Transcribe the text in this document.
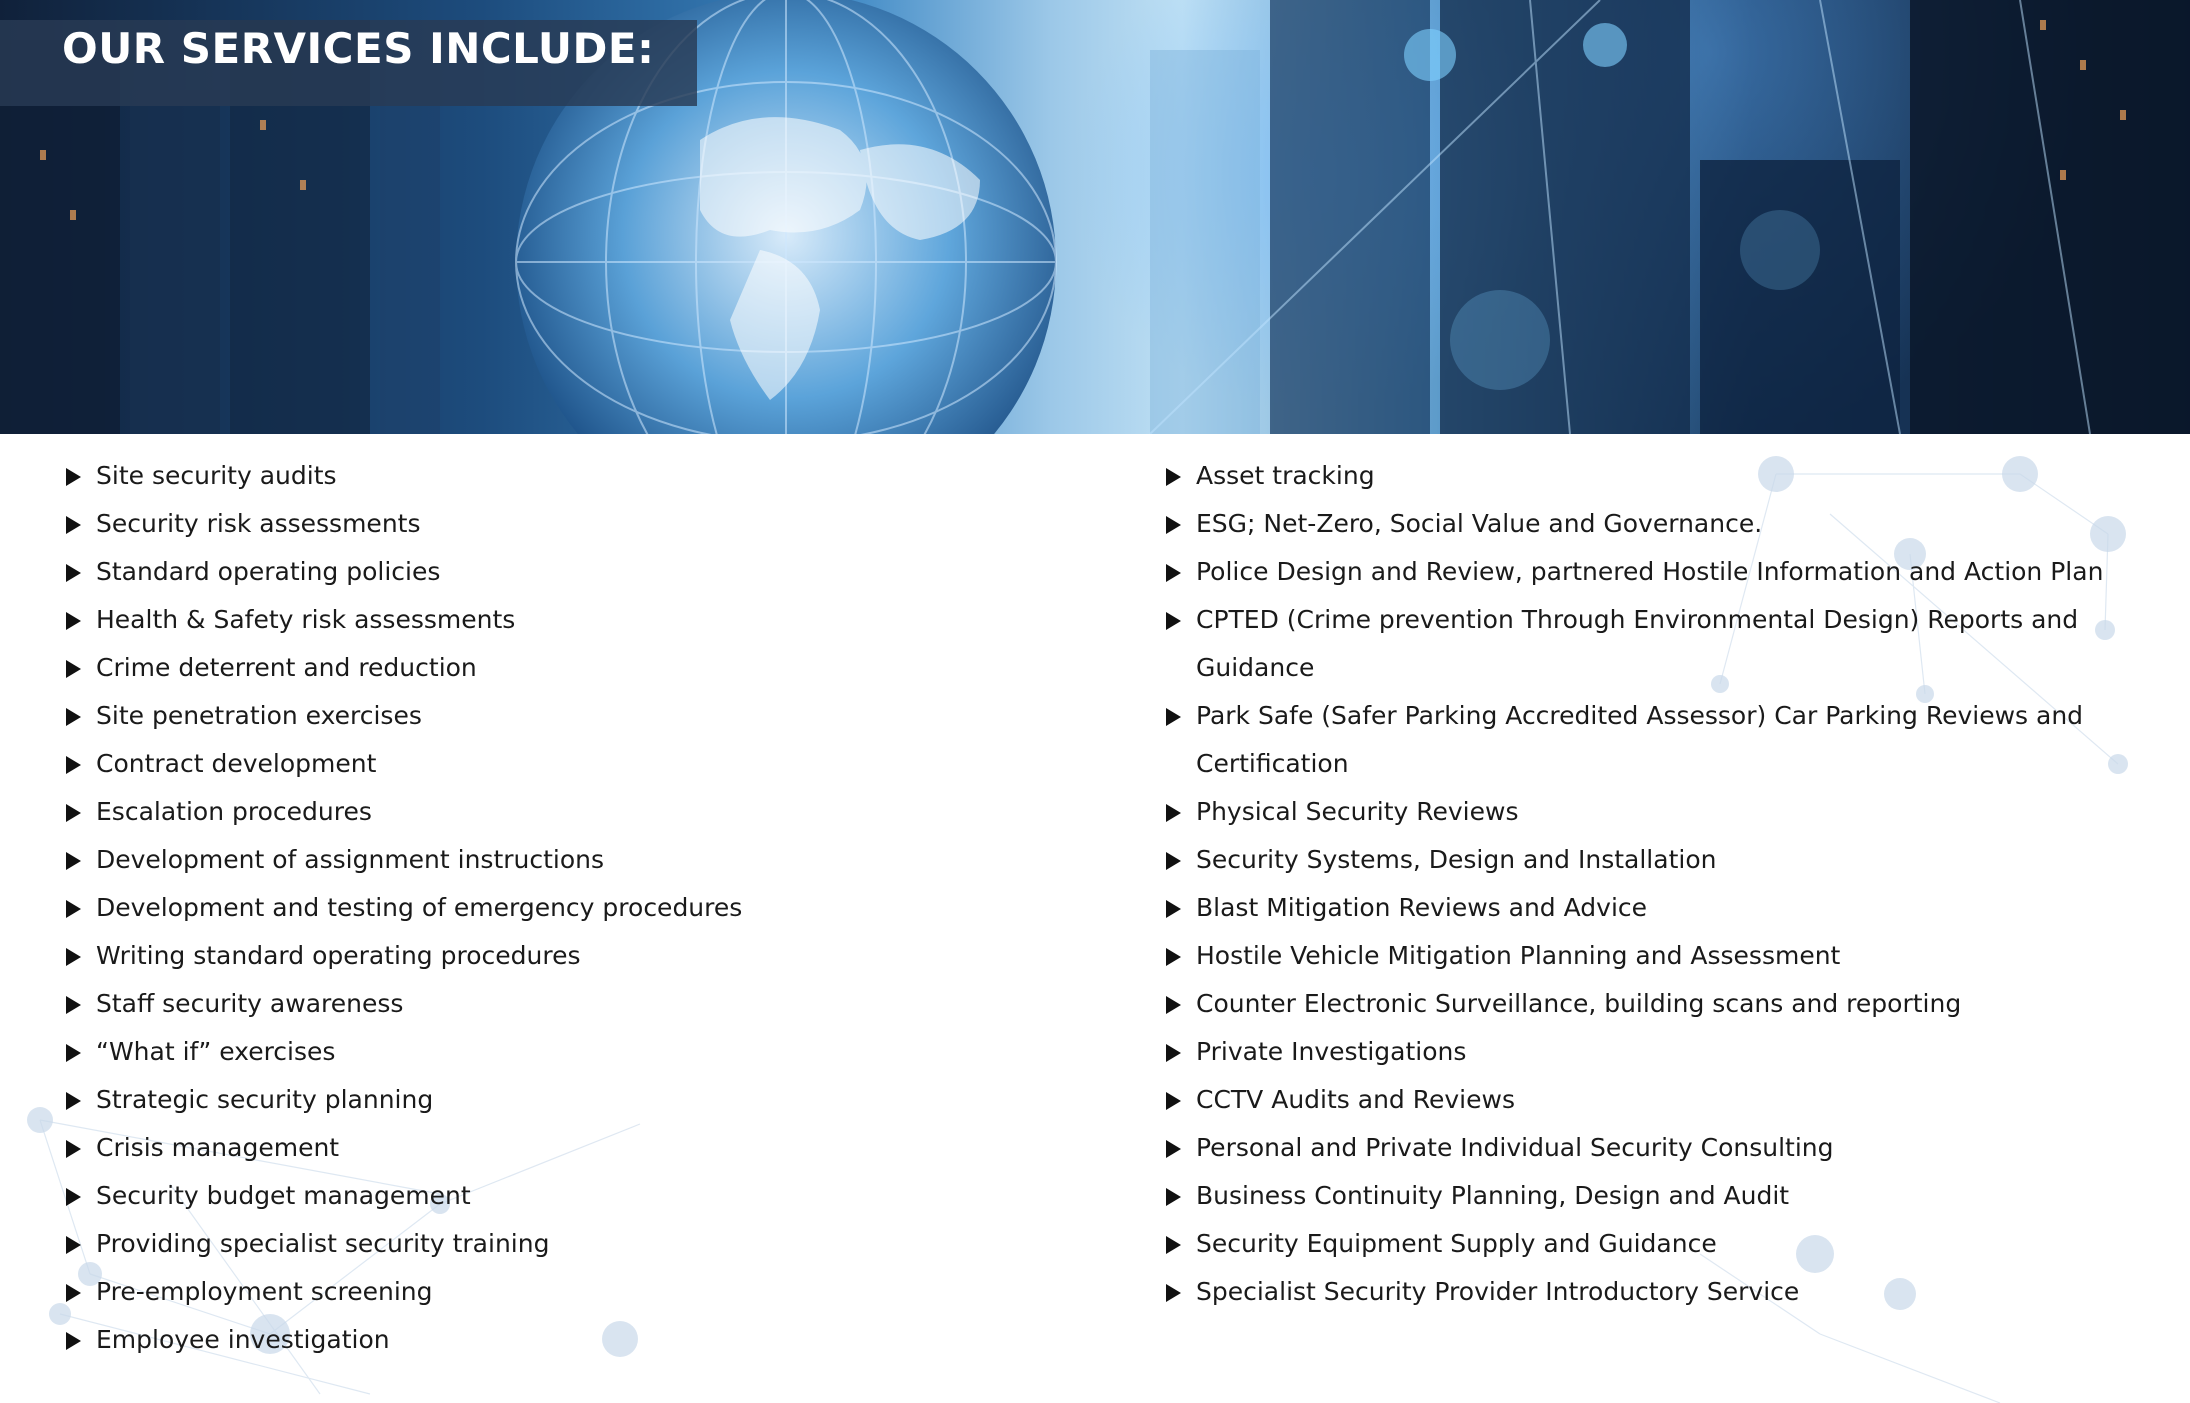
OUR SERVICES INCLUDE:
Site security audits
Security risk assessments
Standard operating policies
Health & Safety risk assessments
Crime deterrent and reduction
Site penetration exercises
Contract development
Escalation procedures
Development of assignment instructions
Development and testing of emergency procedures
Writing standard operating procedures
Staff security awareness
“What if” exercises
Strategic security planning
Crisis management
Security budget management
Providing specialist security training
Pre-employment screening
Employee investigation
Asset tracking
ESG; Net-Zero, Social Value and Governance.
Police Design and Review, partnered Hostile Information and Action Plan
CPTED (Crime prevention Through Environmental Design) Reports and Guidance
Park Safe (Safer Parking Accredited Assessor) Car Parking Reviews and Certification
Physical Security Reviews
Security Systems, Design and Installation
Blast Mitigation Reviews and Advice
Hostile Vehicle Mitigation Planning and Assessment
Counter Electronic Surveillance, building scans and reporting
Private Investigations
CCTV Audits and Reviews
Personal and Private Individual Security Consulting
Business Continuity Planning, Design and Audit
Security Equipment Supply and Guidance
Specialist Security Provider Introductory Service
